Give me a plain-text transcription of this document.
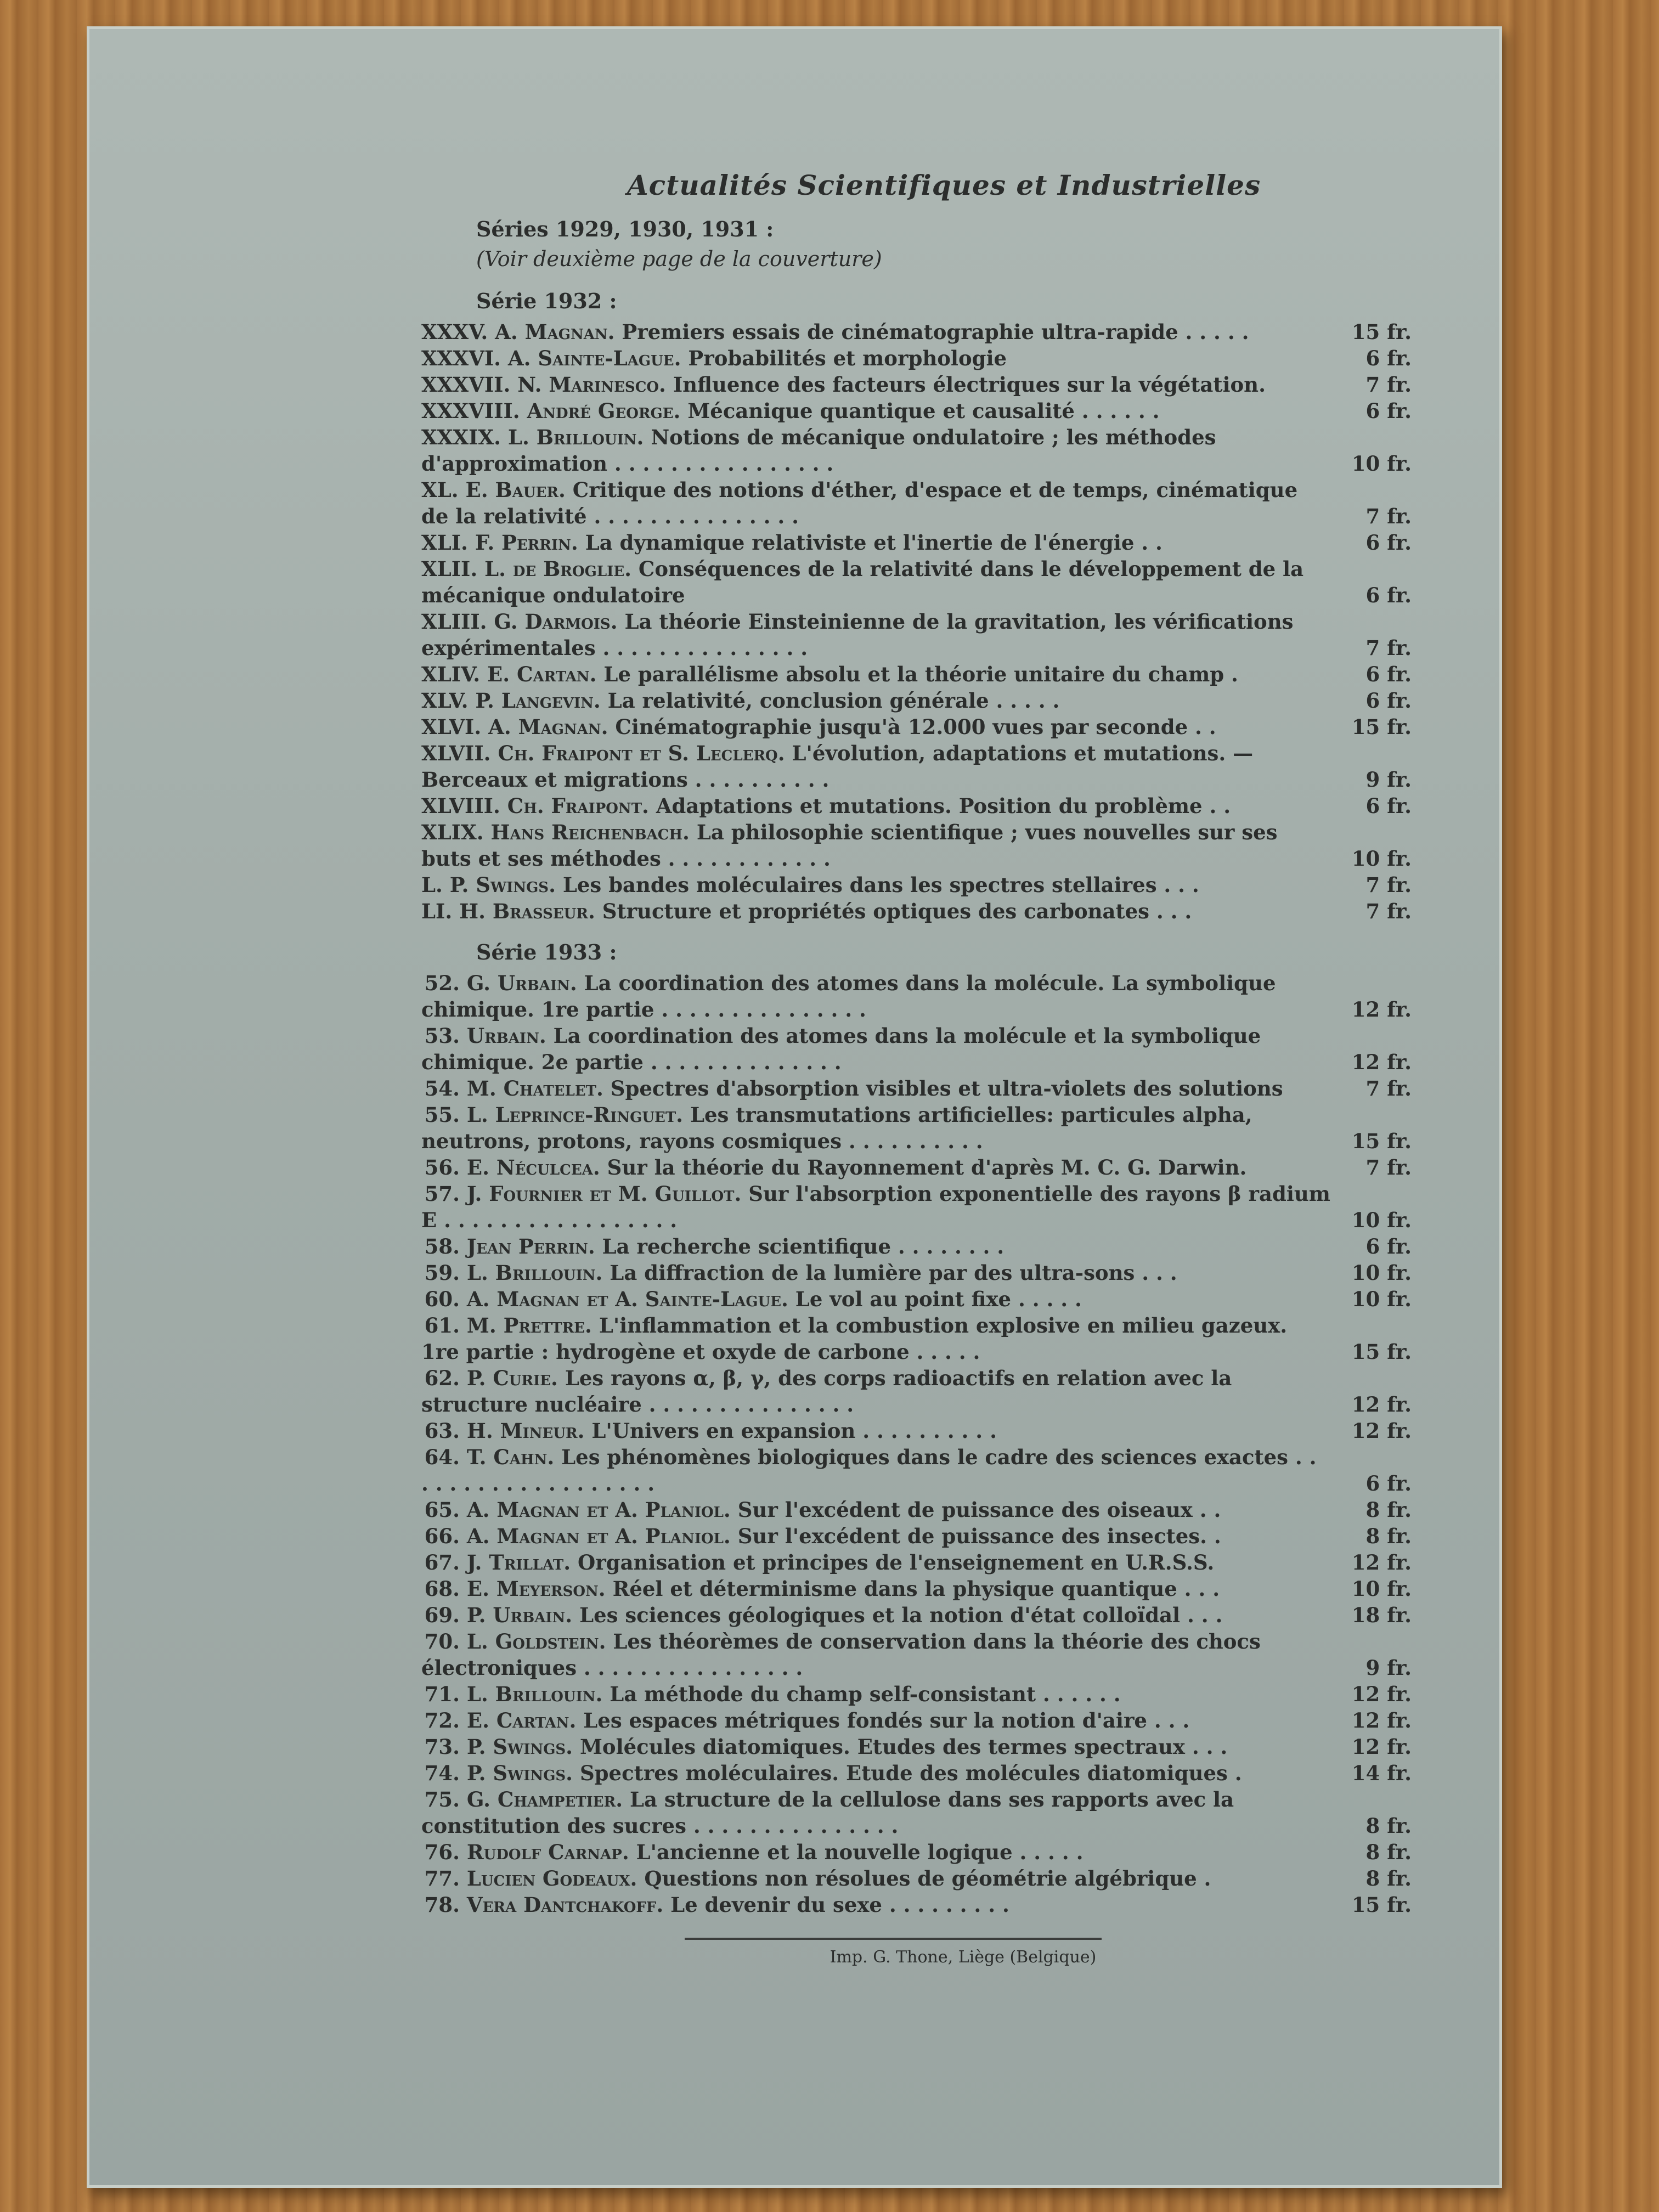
Actualités Scientifiques et Industrielles
Séries 1929, 1930, 1931 :
(Voir deuxième page de la couverture)
Série 1932 :
XXXV. A. Magnan. Premiers essais de cinématographie ultra-rapide . . . . .	15 fr.
XXXVI. A. Sainte-Lague. Probabilités et morphologie	6 fr.
XXXVII. N. Marinesco. Influence des facteurs électriques sur la végétation.	7 fr.
XXXVIII. André George. Mécanique quantique et causalité . . . . . .	6 fr.
XXXIX. L. Brillouin. Notions de mécanique ondulatoire ; les méthodes d'approximation . . . . . . . . . . . . . . . .	10 fr.
XL. E. Bauer. Critique des notions d'éther, d'espace et de temps, cinématique de la relativité . . . . . . . . . . . . . . .	7 fr.
XLI. F. Perrin. La dynamique relativiste et l'inertie de l'énergie . .	6 fr.
XLII. L. de Broglie. Conséquences de la relativité dans le développement de la mécanique ondulatoire	6 fr.
XLIII. G. Darmois. La théorie Einsteinienne de la gravitation, les vérifications expérimentales . . . . . . . . . . . . . . .	7 fr.
XLIV. E. Cartan. Le parallélisme absolu et la théorie unitaire du champ .	6 fr.
XLV. P. Langevin. La relativité, conclusion générale . . . . .	6 fr.
XLVI. A. Magnan. Cinématographie jusqu'à 12.000 vues par seconde . .	15 fr.
XLVII. Ch. Fraipont et S. Leclerq. L'évolution, adaptations et mutations. — Berceaux et migrations . . . . . . . . . .	9 fr.
XLVIII. Ch. Fraipont. Adaptations et mutations. Position du problème . .	6 fr.
XLIX. Hans Reichenbach. La philosophie scientifique ; vues nouvelles sur ses buts et ses méthodes . . . . . . . . . . . .	10 fr.
L. P. Swings. Les bandes moléculaires dans les spectres stellaires . . .	7 fr.
LI. H. Brasseur. Structure et propriétés optiques des carbonates . . .	7 fr.
Série 1933 :
52. G. Urbain. La coordination des atomes dans la molécule. La symbolique chimique. 1re partie . . . . . . . . . . . . . . .	12 fr.
53. Urbain. La coordination des atomes dans la molécule et la symbolique chimique. 2e partie . . . . . . . . . . . . . .	12 fr.
54. M. Chatelet. Spectres d'absorption visibles et ultra-violets des solutions	7 fr.
55. L. Leprince-Ringuet. Les transmutations artificielles: particules alpha, neutrons, protons, rayons cosmiques . . . . . . . . . .	15 fr.
56. E. Néculcea. Sur la théorie du Rayonnement d'après M. C. G. Darwin.	7 fr.
57. J. Fournier et M. Guillot. Sur l'absorption exponentielle des rayons β radium E . . . . . . . . . . . . . . . . .	10 fr.
58. Jean Perrin. La recherche scientifique . . . . . . . .	6 fr.
59. L. Brillouin. La diffraction de la lumière par des ultra-sons . . .	10 fr.
60. A. Magnan et A. Sainte-Lague. Le vol au point fixe . . . . .	10 fr.
61. M. Prettre. L'inflammation et la combustion explosive en milieu gazeux. 1re partie : hydrogène et oxyde de carbone . . . . .	15 fr.
62. P. Curie. Les rayons α, β, γ, des corps radioactifs en relation avec la structure nucléaire . . . . . . . . . . . . . . .	12 fr.
63. H. Mineur. L'Univers en expansion . . . . . . . . . .	12 fr.
64. T. Cahn. Les phénomènes biologiques dans le cadre des sciences exactes . . . . . . . . . . . . . . . . . . .	6 fr.
65. A. Magnan et A. Planiol. Sur l'excédent de puissance des oiseaux . .	8 fr.
66. A. Magnan et A. Planiol. Sur l'excédent de puissance des insectes. .	8 fr.
67. J. Trillat. Organisation et principes de l'enseignement en U.R.S.S.	12 fr.
68. E. Meyerson. Réel et déterminisme dans la physique quantique . . .	10 fr.
69. P. Urbain. Les sciences géologiques et la notion d'état colloïdal . . .	18 fr.
70. L. Goldstein. Les théorèmes de conservation dans la théorie des chocs électroniques . . . . . . . . . . . . . . . .	9 fr.
71. L. Brillouin. La méthode du champ self-consistant . . . . . .	12 fr.
72. E. Cartan. Les espaces métriques fondés sur la notion d'aire . . .	12 fr.
73. P. Swings. Molécules diatomiques. Etudes des termes spectraux . . .	12 fr.
74. P. Swings. Spectres moléculaires. Etude des molécules diatomiques .	14 fr.
75. G. Champetier. La structure de la cellulose dans ses rapports avec la constitution des sucres . . . . . . . . . . . . . . .	8 fr.
76. Rudolf Carnap. L'ancienne et la nouvelle logique . . . . .	8 fr.
77. Lucien Godeaux. Questions non résolues de géométrie algébrique .	8 fr.
78. Vera Dantchakoff. Le devenir du sexe . . . . . . . . .	15 fr.
Imp. G. Thone, Liège (Belgique)
